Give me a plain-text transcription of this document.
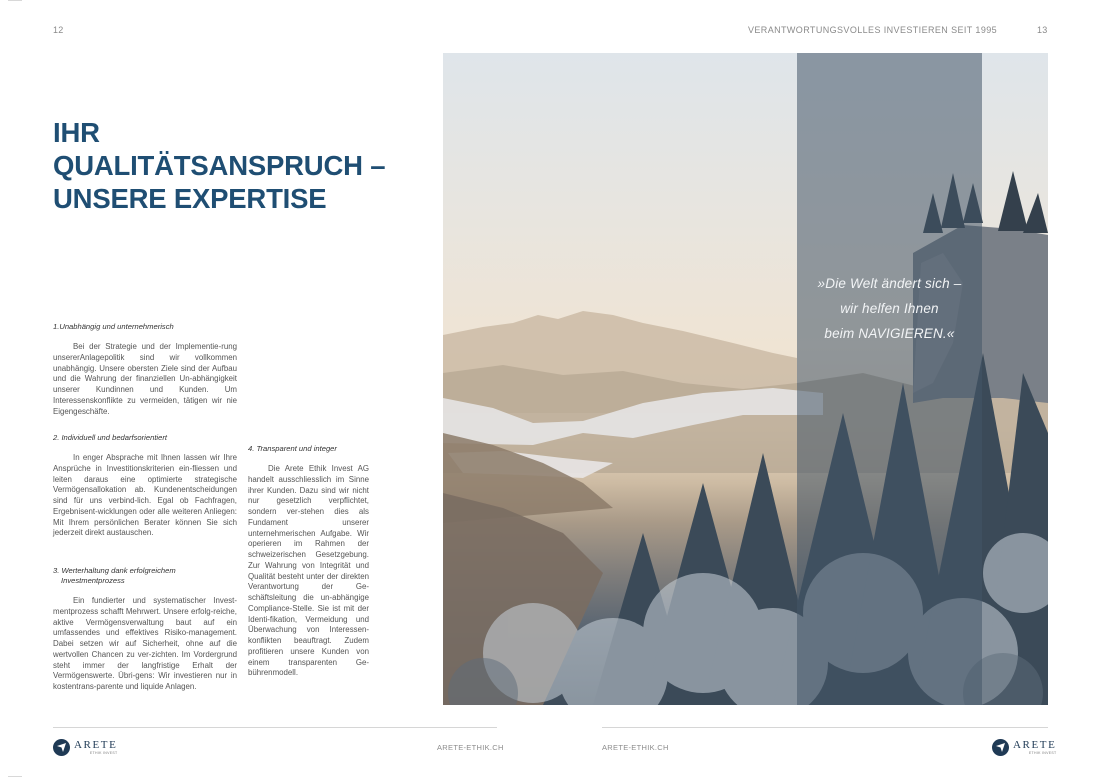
12	VERANTWORTUNGSVOLLES INVESTIEREN SEIT 1995	13
IHR
QUALITÄTSANSPRUCH –
UNSERE EXPERTISE
1.Unabhängig und unternehmerisch

Bei der Strategie und der Implementie-rung unsererAnlagepolitik sind wir vollkommen unabhängig. Unsere obersten Ziele sind der Aufbau und die Wahrung der finanziellen Un-abhängigkeit unserer Kundinnen und Kunden. Um Interessenskonflikte zu vermeiden, tätigen wir nie Eigengeschäfte.

2. Individuell und bedarfsorientiert

In enger Absprache mit Ihnen lassen wir Ihre Ansprüche in Investitionskriterien ein-fliessen und leiten daraus eine optimierte strategische Vermögensallokation ab. Kundenentscheidungen sind für uns verbind-lich. Egal ob Fachfragen, Ergebnisent-wicklungen oder alle weiteren Anliegen: Mit Ihrem persönlichen Berater können Sie sich jederzeit direkt austauschen.

3. Werterhaltung dank erfolgreichem
Investmentprozess

Ein fundierter und systematischer Invest-mentprozess schafft Mehrwert. Unsere erfolg-reiche, aktive Vermögensverwaltung baut auf ein umfassendes und effektives Risiko-management. Dabei setzen wir auf Sicherheit, ohne auf die wertvollen Chancen zu ver-zichten. Im Vordergrund steht immer der langfristige Erhalt der Vermögenswerte. Übri-gens: Wir investieren nur in kostentrans-parente und liquide Anlagen.

4. Transparent und integer

Die Arete Ethik Invest AG handelt ausschliesslich im Sinne ihrer Kunden. Dazu sind wir nicht nur gesetzlich verpflichtet, sondern ver-stehen dies als Fundament unserer unternehmerischen Aufgabe. Wir operieren im Rahmen der schweizerischen Gesetzgebung. Zur Wahrung von Integrität und Qualität besteht unter der direkten Verantwortung der Ge-schäftsleitung die un-abhängige Compliance-Stelle. Sie ist mit der Identi-fikation, Vermeidung und Überwachung von Interessen-konflikten beauftragt. Zudem profitieren unsere Kunden von einem transparenten Ge-bührenmodell.

»Die Welt ändert sich –
wir helfen Ihnen
beim NAVIGIEREN.«
ARETE
ETHIK INVEST
ARETE-ETHIK.CH	ARETE-ETHIK.CH	ARETE
ETHIK INVEST
